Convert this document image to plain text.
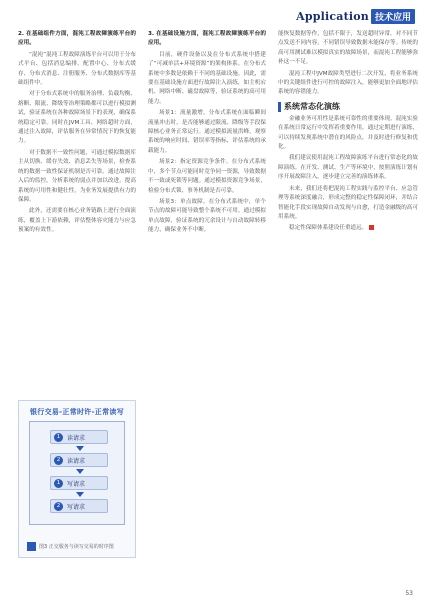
Application 技术应用

2. 在基础组件方面，混沌工程故障演练平台的应用。

“混沌”混沌工程故障演练平台可以用于分布式平台、包括消息编排、配置中心、分布式缓存、分布式消息、注册服务、分布式数据库等基础组件中。

对于分布式系统中的服务治理、负载均衡、熔断、限流、降级等治理策略都可以进行模拟测试，验证系统在各种故障场景下的表现，确保系统稳定可靠。同时在JVM工具、网络超时方面，通过注入故障，评估服务在异常情况下的恢复能力。

对于数据不一致性问题，可通过模拟数据库主从切换、缓存失效、消息丢失等场景，检查系统的数据一致性保证机制是否可靠。通过故障注入后的监控，分析系统的弱点并加以改进，提高系统的可用性和健壮性，为业务发展提供有力的保障。

此外，还需要在核心业务链路上进行全面演练，覆盖上下游依赖，评估整体容灾能力与应急预案的有效性。

银行交易-正常时许-正常读写
1	读请求
2	读请求
1	写请求
2	写请求
图3 正交服务与读写交易的时序图

3. 在基础设施方面，混沌工程故障演练平台的应用。

目前，硬件设备以及在分布式系统中搭建了“可减单活+环境资源”的架构体系。在分布式系统中多数是依赖于不同的基础设施。因此，需要在基础设施方面进行故障注入演练，如主机宕机、网络中断、磁盘故障等，验证系统的高可用能力。

场景1：流量激增。分布式系统在面临瞬间流量冲击时，是否能够通过限流、降级等手段保障核心业务正常运行。通过模拟流量洪峰，观察系统的响应时间、错误率等指标，评估系统的承载能力。

场景2：指定资源竞争条件。在分布式系统中，多个节点可能同时竞争同一资源，导致数据不一致或死锁等问题。通过模拟资源竞争场景，检验分布式锁、事务机制是否可靠。

场景3：单点故障。在分布式系统中，单个节点的故障可能导致整个系统不可用。通过模拟单点故障，验证系统的冗余设计与自动故障转移能力，确保业务不中断。

能恢复数据等作，包括不限于，发送超时异常，对不同节点发送不同内容，不同错误导致数据未能保存等。传统的高可用测试难以模拟真实的故障场景，而混沌工程能够弥补这一不足。

混沌工程中JVM故障类型进行二次开发，将业务系统中的关键组件进行可控的故障注入，能够更加全面地评估系统的容错能力。

系统常态化演练

金融业务可用性是系统可靠性的重要体现。混沌实验在系统日常运行中发挥着重要作用，通过定期进行演练，可以持续发现系统中潜在的风险点，并及时进行修复和优化。

我们建议使用混沌工程故障演练平台进行常态化的故障演练。在开发、测试、生产等环境中，按照演练计划有序开展故障注入，逐步建立完善的演练体系。

未来，我们还将把混沌工程实践与监控平台、应急管理等系统深度融合，形成完整的稳定性保障闭环，并结合智能化手段实现故障自动发现与自愈，打造金融级的高可用系统。

稳定性保障体系建设任重道远。

53
